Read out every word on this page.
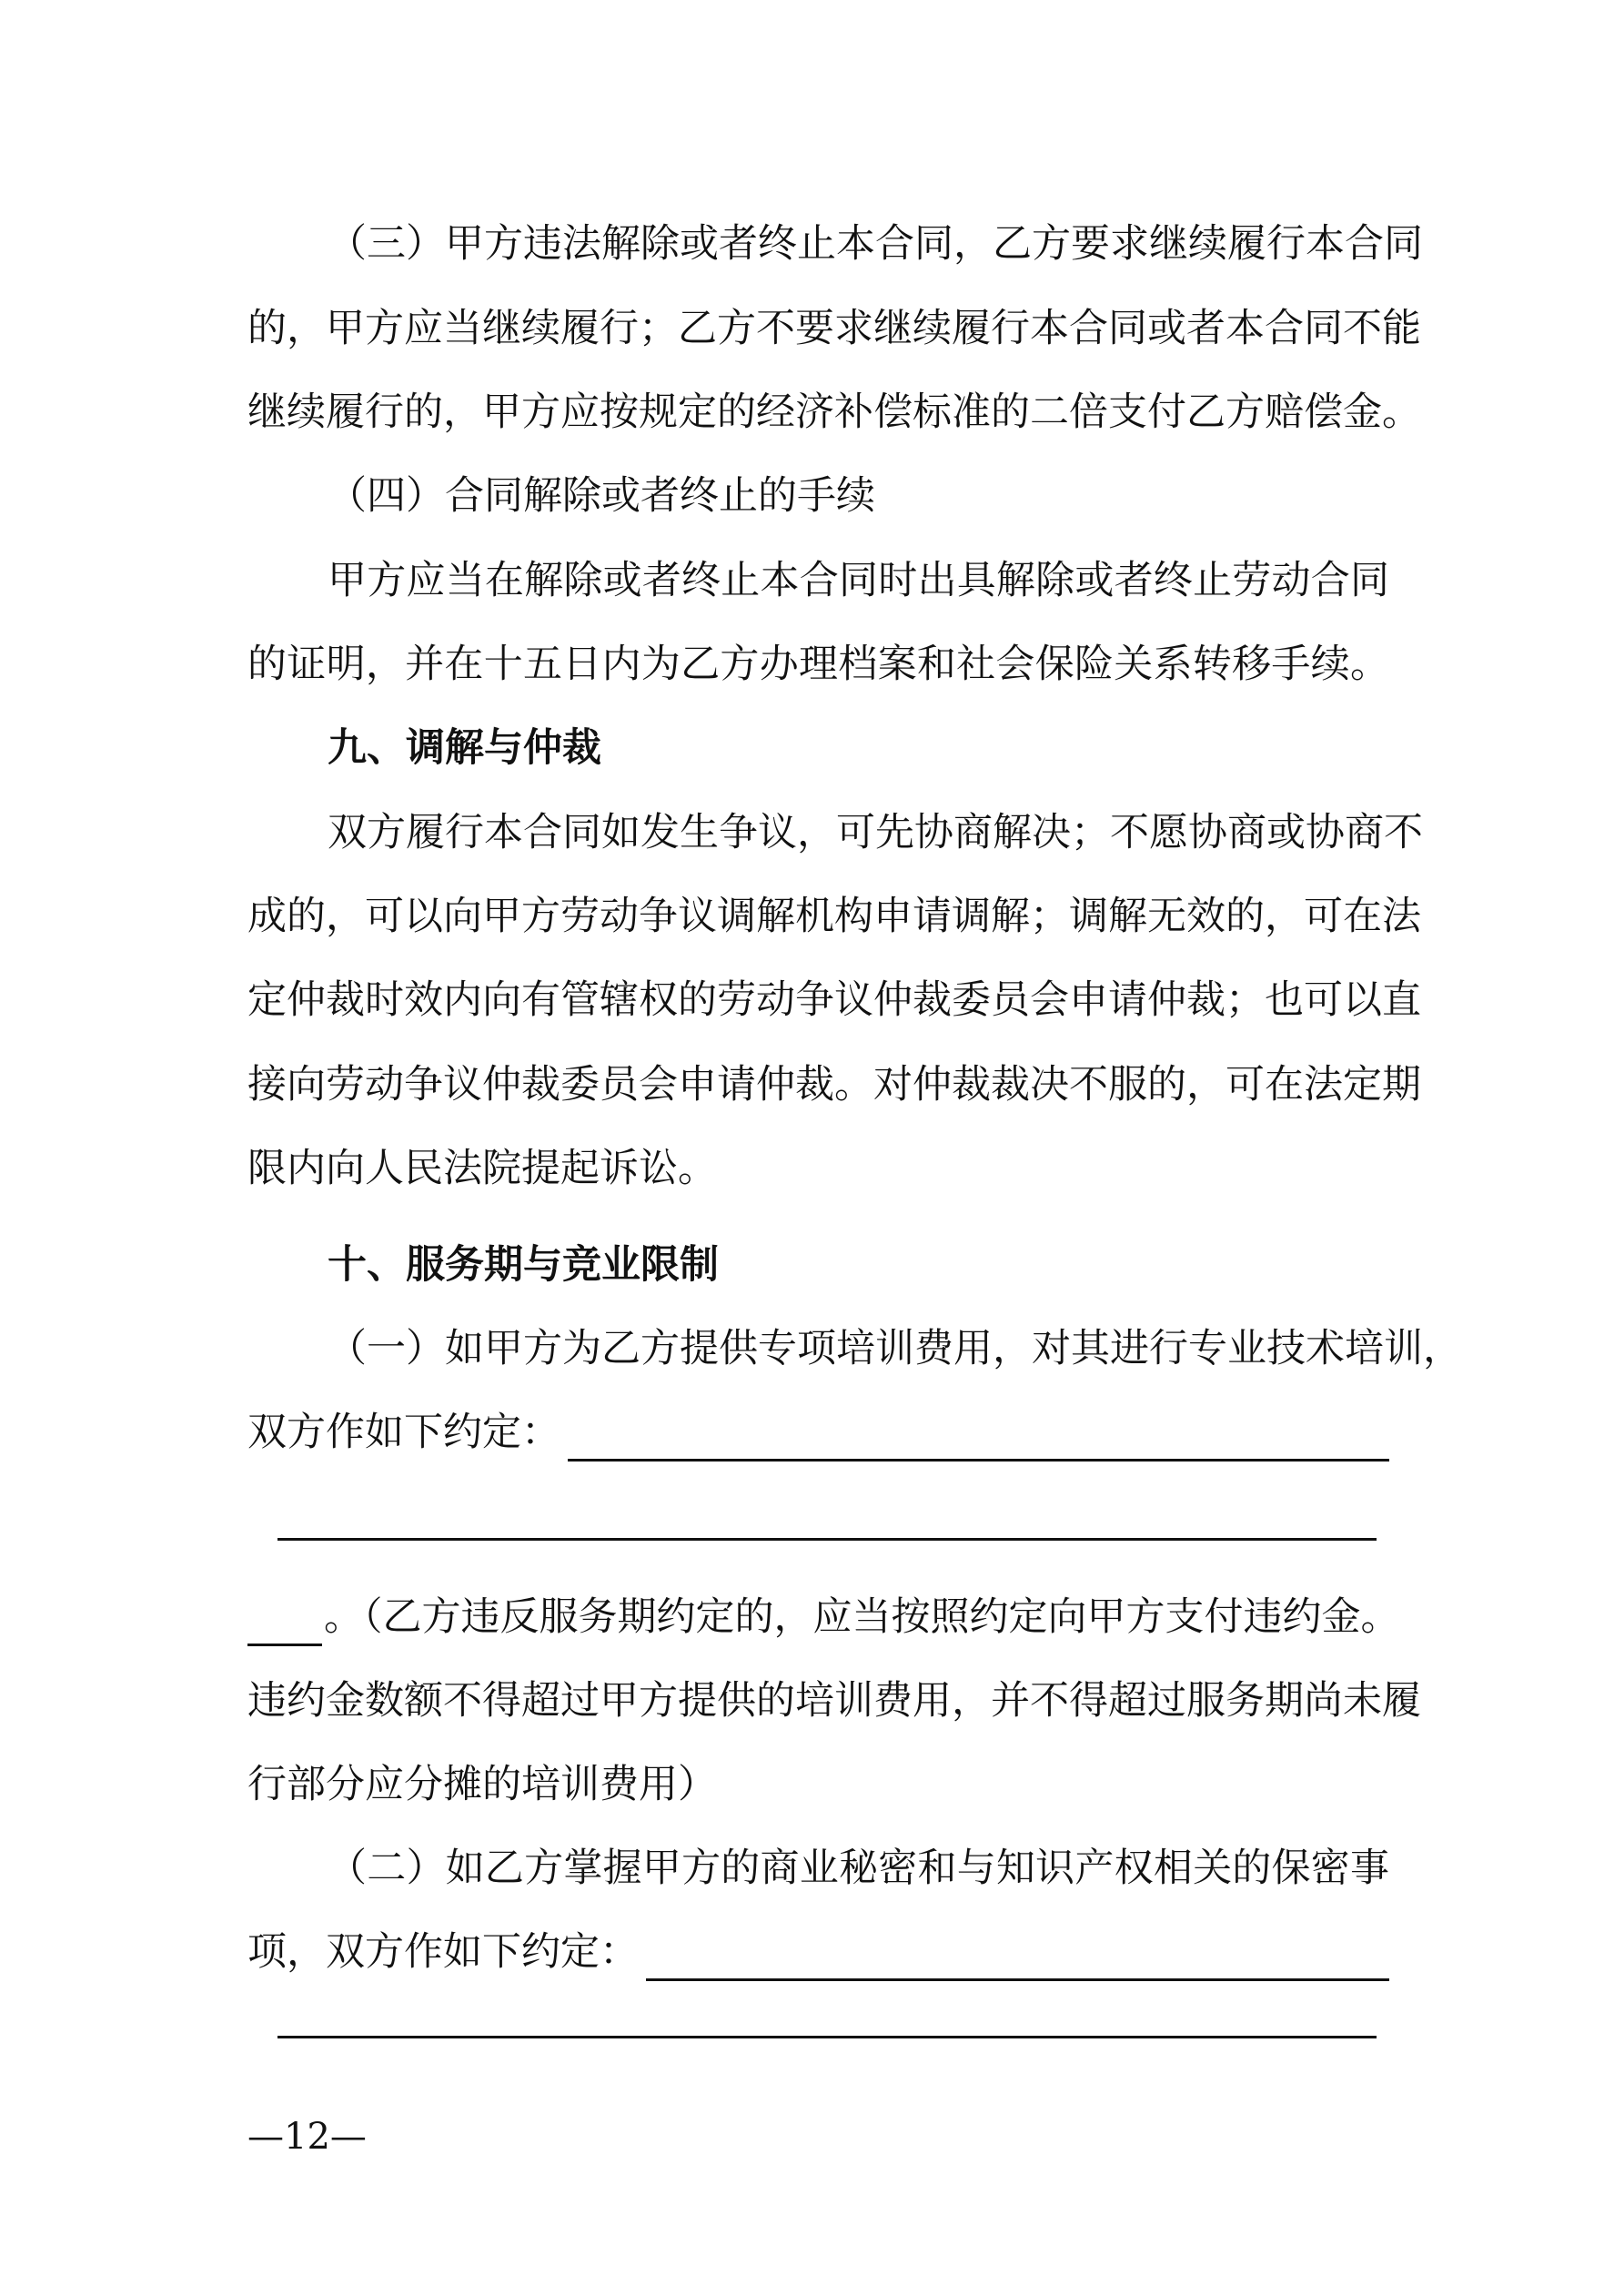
（三）甲方违法解除或者终止本合同，乙方要求继续履行本合同
的，甲方应当继续履行；乙方不要求继续履行本合同或者本合同不能
继续履行的，甲方应按规定的经济补偿标准的二倍支付乙方赔偿金。
（四）合同解除或者终止的手续
甲方应当在解除或者终止本合同时出具解除或者终止劳动合同
的证明，并在十五日内为乙方办理档案和社会保险关系转移手续。
九、调解与仲裁
双方履行本合同如发生争议，可先协商解决；不愿协商或协商不
成的，可以向甲方劳动争议调解机构申请调解；调解无效的，可在法
定仲裁时效内向有管辖权的劳动争议仲裁委员会申请仲裁；也可以直
接向劳动争议仲裁委员会申请仲裁。对仲裁裁决不服的，可在法定期
限内向人民法院提起诉讼。
十、服务期与竞业限制
（一）如甲方为乙方提供专项培训费用，对其进行专业技术培训，
双方作如下约定：
。（乙方违反服务期约定的，应当按照约定向甲方支付违约金。
违约金数额不得超过甲方提供的培训费用，并不得超过服务期尚未履
行部分应分摊的培训费用）
（二）如乙方掌握甲方的商业秘密和与知识产权相关的保密事
项，双方作如下约定：
—12—
